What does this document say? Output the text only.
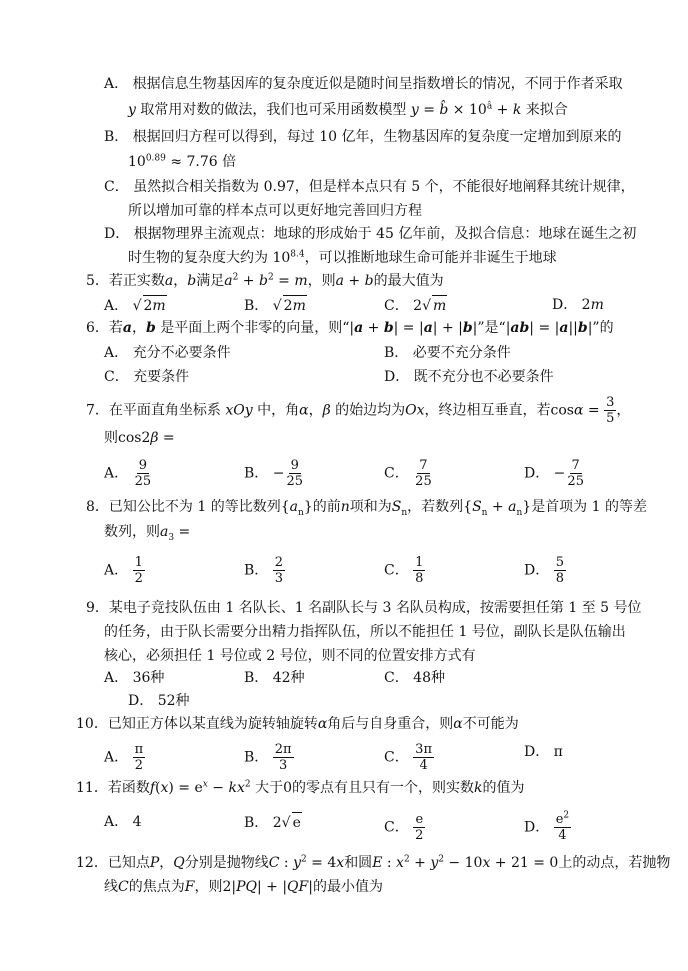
A． 根据信息生物基因库的复杂度近似是随时间呈指数增长的情况，不同于作者采取
y 取常用对数的做法，我们也可采用函数模型 y = b̂ × $10^â + k$ 来拟合
B． 根据回归方程可以得到，每过 10 亿年，生物基因库的复杂度一定增加到原来的
$10^{0.89} \approx 7.76$ 倍
C． 虽然拟合相关指数为 0.97，但是样本点只有 5 个，不能很好地阐释其统计规律，
所以增加可靠的样本点可以更好地完善回归方程
D． 根据物理界主流观点：地球的形成始于 45 亿年前，及拟合信息：地球在诞生之初
时生物的复杂度大约为 $10^{8.4}$，可以推断地球生命可能并非诞生于地球
5．若正实数a，b满足$a^2 + b^2 = m$，则a + b的最大值为
A． √ 2m	B． √ 2m	C． 2√ m	D． 2m
6．若a，b 是平面上两个非零的向量，则“|a + b| = |a| + |b|”是“|ab| = |a||b|”的
A． 充分不必要条件	B． 必要不充分条件
C． 充要条件	D． 既不充分也不必要条件
7．在平面直角坐标系 xOy 中，角α，β 的始边均为Ox，终边相互垂直，若$\cos\alpha = \frac{3}{5}$ ，
则cos2β =
A． $\frac{9}{25}$	B． − $\frac{9}{25}$	C． $\frac{7}{25}$	D． − $\frac{7}{25}$
8．已知公比不为 1 的等比数列$\{a_n\}$的前n项和为$S_n$，若数列$\{S_n + a_n\}$是首项为 1 的等差
数列，则$a_3$ =
A． $\frac{1}{2}$	B． $\frac{2}{3}$	C． $\frac{1}{8}$	D． $\frac{5}{8}$
9．某电子竞技队伍由 1 名队长、1 名副队长与 3 名队员构成，按需要担任第 1 至 5 号位
的任务，由于队长需要分出精力指挥队伍，所以不能担任 1 号位，副队长是队伍输出
核心，必须担任 1 号位或 2 号位，则不同的位置安排方式有
A． 36种	B． 42种	C． 48种
D． 52种
10．已知正方体以某直线为旋转轴旋转α角后与自身重合，则α不可能为
A． $\frac{\pi}{2}$	B． $\frac{2\pi}{3}$	C． $\frac{3\pi}{4}$	D． π
11．若函数$f(x) = e^x - kx^2$ 大于0的零点有且只有一个，则实数k的值为
A． 4	B． 2√ e	C． $\frac{e}{2}$	D． $\frac{e^2}{4}$
12．已知点P，Q分别是抛物线C : $y^2 = 4x$和圆E : $x^2 + y^2 - 10x + 21 = 0$上的动点，若抛物
线C的焦点为F，则2|PQ| + |QF|的最小值为
